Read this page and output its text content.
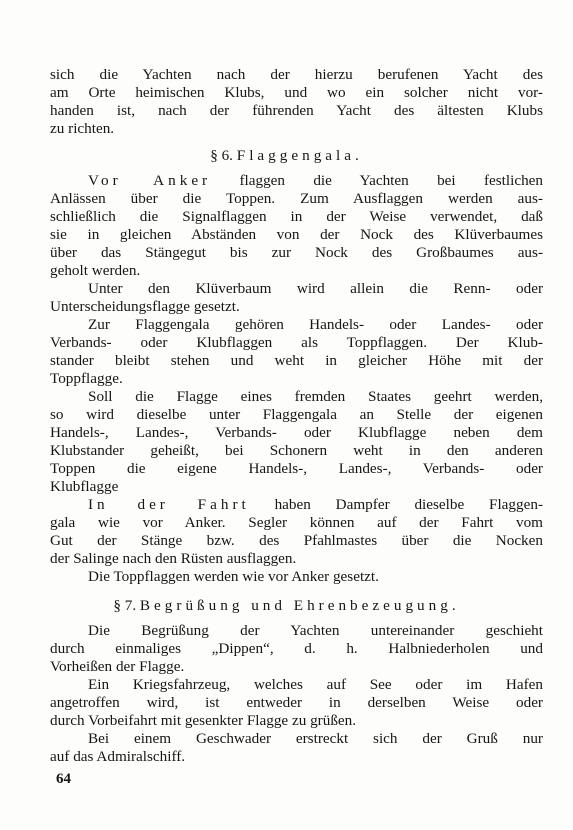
sich die Yachten nach der hierzu berufenen Yacht des
am Orte heimischen Klubs, und wo ein solcher nicht vor-
handen ist, nach der führenden Yacht des ältesten Klubs
zu richten.
§ 6. Flaggengala.
Vor Anker flaggen die Yachten bei festlichen
Anlässen über die Toppen. Zum Ausflaggen werden aus-
schließlich die Signalflaggen in der Weise verwendet, daß
sie in gleichen Abständen von der Nock des Klüverbaumes
über das Stängegut bis zur Nock des Großbaumes aus-
geholt werden.
Unter den Klüverbaum wird allein die Renn- oder
Unterscheidungsflagge gesetzt.
Zur Flaggengala gehören Handels- oder Landes- oder
Verbands- oder Klubflaggen als Toppflaggen. Der Klub-
stander bleibt stehen und weht in gleicher Höhe mit der
Toppflagge.
Soll die Flagge eines fremden Staates geehrt werden,
so wird dieselbe unter Flaggengala an Stelle der eigenen
Handels-, Landes-, Verbands- oder Klubflagge neben dem
Klubstander geheißt, bei Schonern weht in den anderen
Toppen die eigene Handels-, Landes-, Verbands- oder
Klubflagge
In der Fahrt haben Dampfer dieselbe Flaggen-
gala wie vor Anker. Segler können auf der Fahrt vom
Gut der Stänge bzw. des Pfahlmastes über die Nocken
der Salinge nach den Rüsten ausflaggen.
Die Toppflaggen werden wie vor Anker gesetzt.
§ 7. Begrüßung und Ehrenbezeugung.
Die Begrüßung der Yachten untereinander geschieht
durch einmaliges „Dippen“, d. h. Halbniederholen und
Vorheißen der Flagge.
Ein Kriegsfahrzeug, welches auf See oder im Hafen
angetroffen wird, ist entweder in derselben Weise oder
durch Vorbeifahrt mit gesenkter Flagge zu grüßen.
Bei einem Geschwader erstreckt sich der Gruß nur
auf das Admiralschiff.
64
